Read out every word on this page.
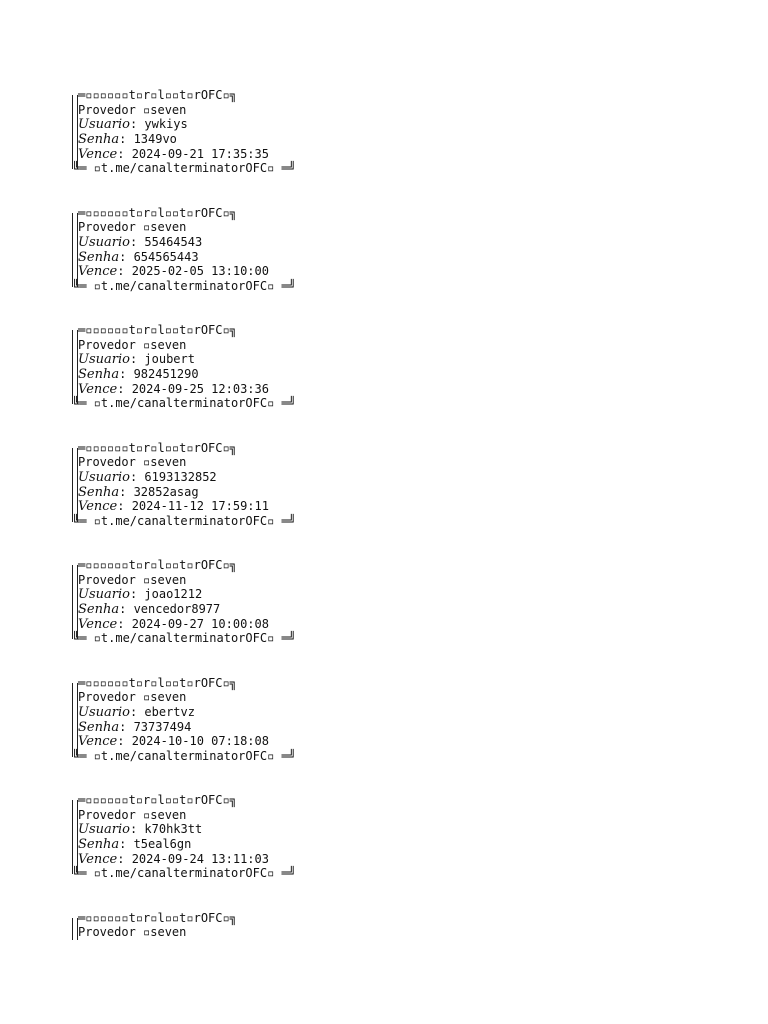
═▫▫▫▫▫▫t▫r▫l▫▫t▫rOFC▫╗
Provedor ▫seven
Usuario: ywkiys
Senha: 1349vo
Vence: 2024-09-21 17:35:35
╚═ ▫t.me/canalterminatorOFC▫ ═╝
═▫▫▫▫▫▫t▫r▫l▫▫t▫rOFC▫╗
Provedor ▫seven
Usuario: 55464543
Senha: 654565443
Vence: 2025-02-05 13:10:00
╚═ ▫t.me/canalterminatorOFC▫ ═╝
═▫▫▫▫▫▫t▫r▫l▫▫t▫rOFC▫╗
Provedor ▫seven
Usuario: joubert
Senha: 982451290
Vence: 2024-09-25 12:03:36
╚═ ▫t.me/canalterminatorOFC▫ ═╝
═▫▫▫▫▫▫t▫r▫l▫▫t▫rOFC▫╗
Provedor ▫seven
Usuario: 6193132852
Senha: 32852asag
Vence: 2024-11-12 17:59:11
╚═ ▫t.me/canalterminatorOFC▫ ═╝
═▫▫▫▫▫▫t▫r▫l▫▫t▫rOFC▫╗
Provedor ▫seven
Usuario: joao1212
Senha: vencedor8977
Vence: 2024-09-27 10:00:08
╚═ ▫t.me/canalterminatorOFC▫ ═╝
═▫▫▫▫▫▫t▫r▫l▫▫t▫rOFC▫╗
Provedor ▫seven
Usuario: ebertvz
Senha: 73737494
Vence: 2024-10-10 07:18:08
╚═ ▫t.me/canalterminatorOFC▫ ═╝
═▫▫▫▫▫▫t▫r▫l▫▫t▫rOFC▫╗
Provedor ▫seven
Usuario: k70hk3tt
Senha: t5eal6gn
Vence: 2024-09-24 13:11:03
╚═ ▫t.me/canalterminatorOFC▫ ═╝
═▫▫▫▫▫▫t▫r▫l▫▫t▫rOFC▫╗
Provedor ▫seven
